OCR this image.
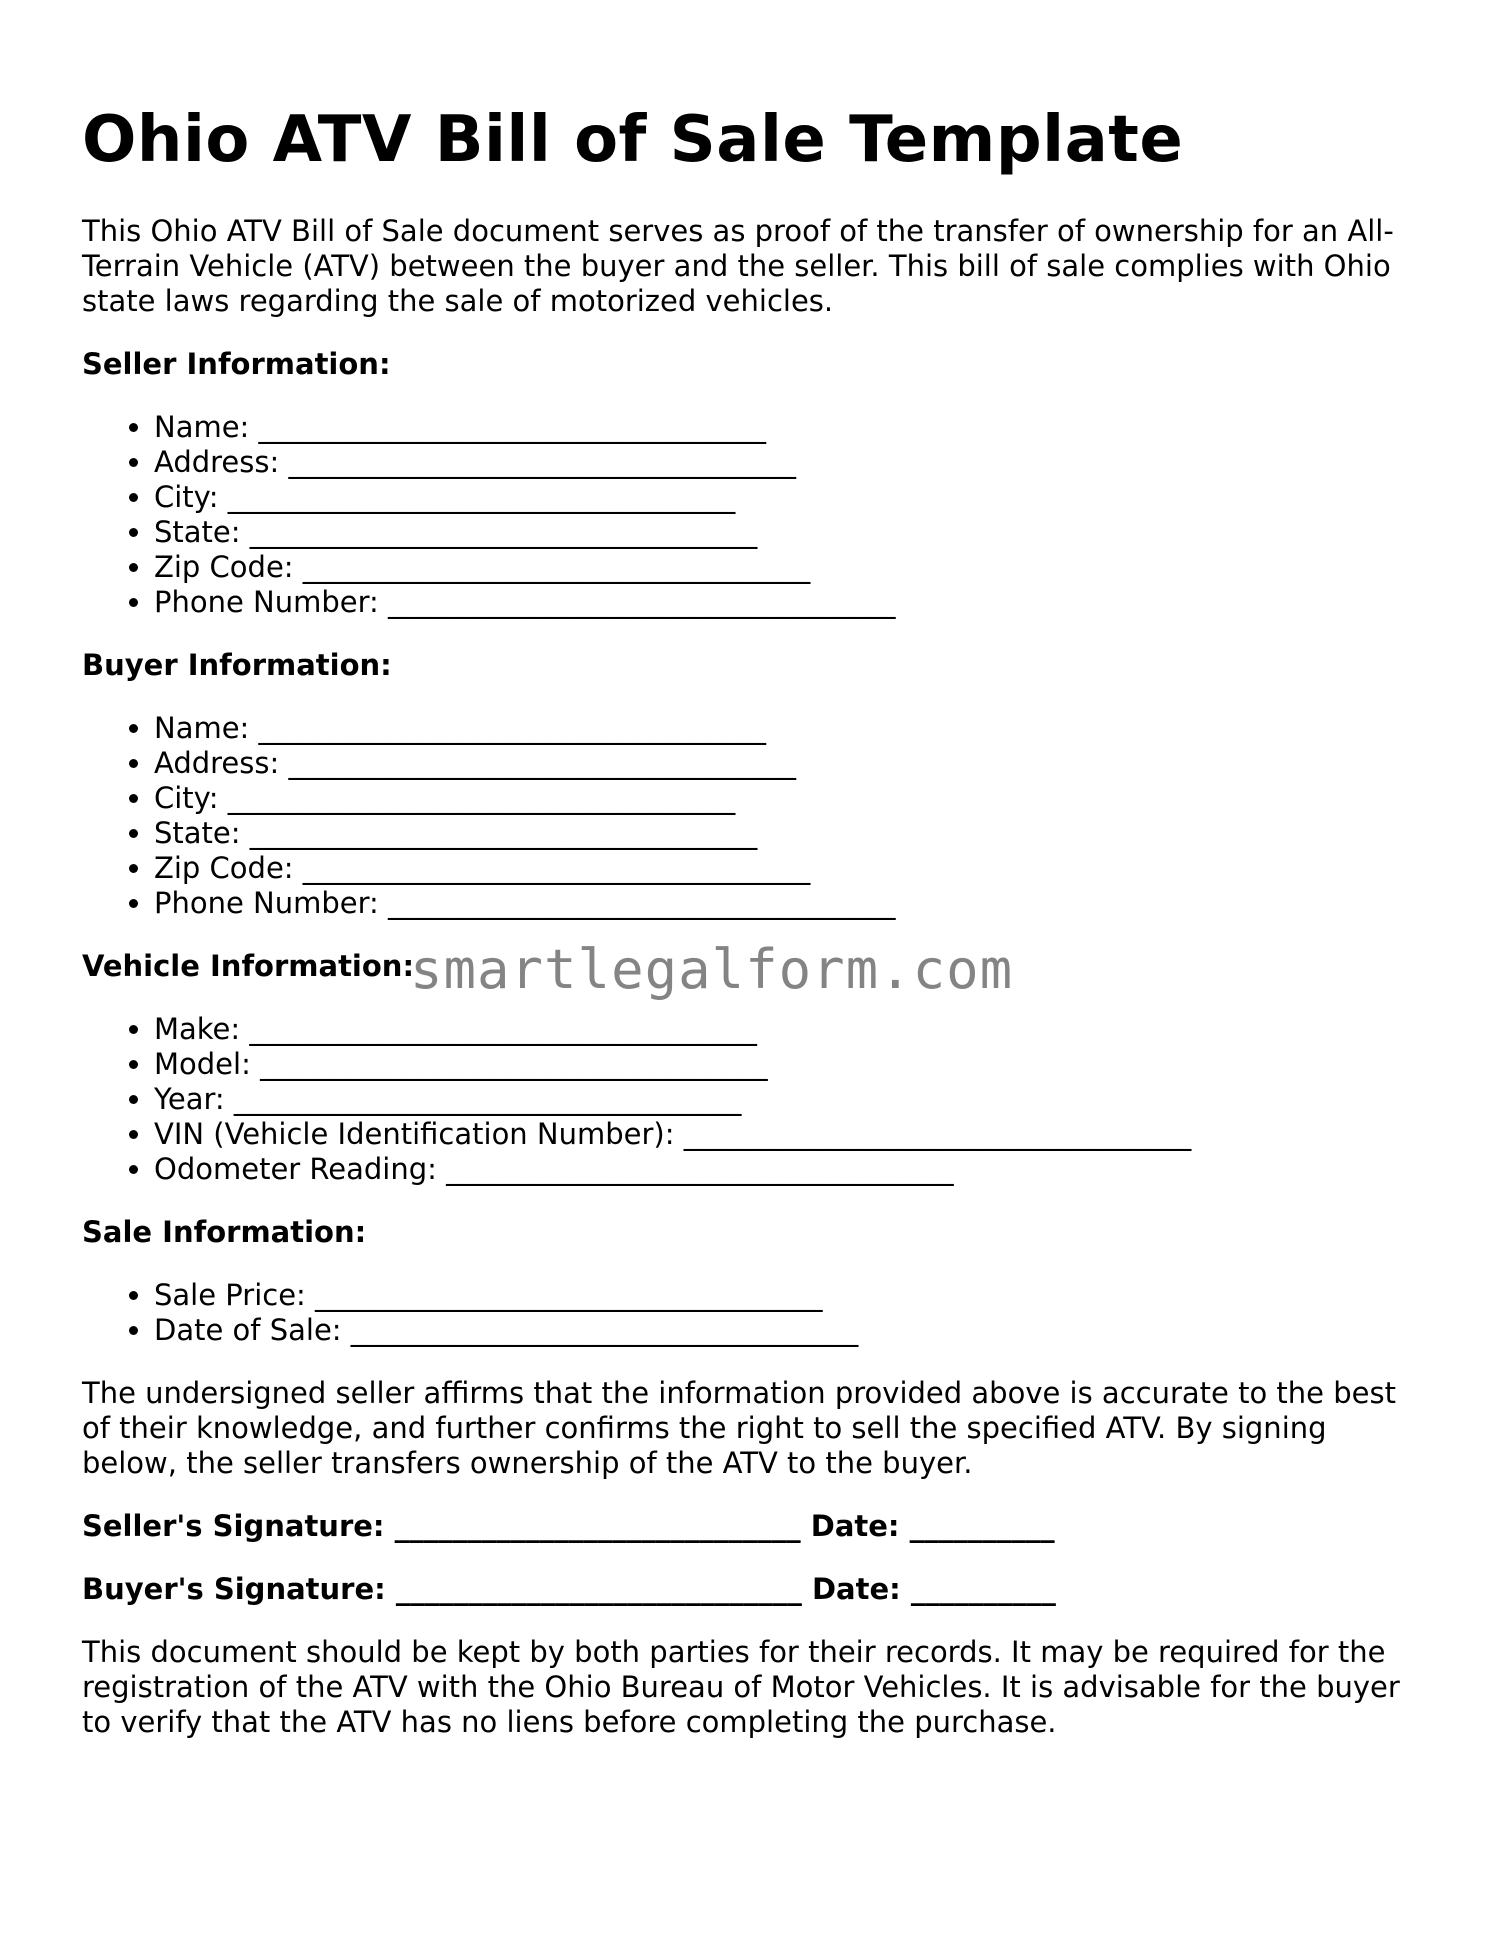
Ohio ATV Bill of Sale Template

This Ohio ATV Bill of Sale document serves as proof of the transfer of ownership for an All-Terrain Vehicle (ATV) between the buyer and the seller. This bill of sale complies with Ohio state laws regarding the sale of motorized vehicles.

Seller Information:
• Name: ___________________________________
• Address: ___________________________________
• City: ___________________________________
• State: ___________________________________
• Zip Code: ___________________________________
• Phone Number: ___________________________________
Buyer Information:
• Name: ___________________________________
• Address: ___________________________________
• City: ___________________________________
• State: ___________________________________
• Zip Code: ___________________________________
• Phone Number: ___________________________________
Vehicle Information:
• Make: ___________________________________
• Model: ___________________________________
• Year: ___________________________________
• VIN (Vehicle Identification Number): ___________________________________
• Odometer Reading: ___________________________________
Sale Information:
• Sale Price: ___________________________________
• Date of Sale: ___________________________________

The undersigned seller affirms that the information provided above is accurate to the best of their knowledge, and further confirms the right to sell the specified ATV. By signing below, the seller transfers ownership of the ATV to the buyer.

Seller's Signature: ____________________________ Date: __________
Buyer's Signature: ____________________________ Date: __________

This document should be kept by both parties for their records. It may be required for the registration of the ATV with the Ohio Bureau of Motor Vehicles. It is advisable for the buyer to verify that the ATV has no liens before completing the purchase.

smartlegalform.com
